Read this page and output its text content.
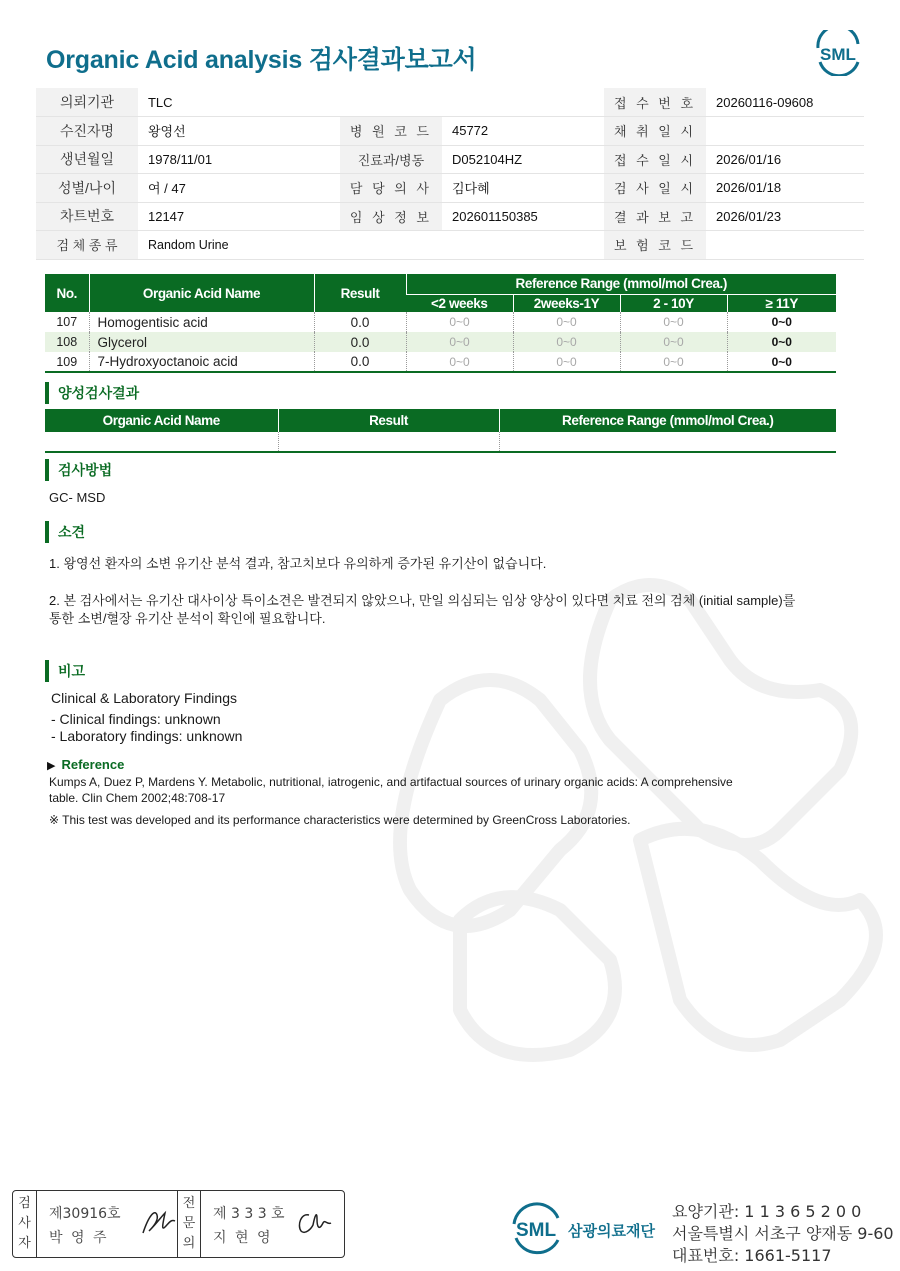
Organic Acid analysis 검사결과보고서	SML
의뢰기관	TLC			접 수 번 호	20260116-09608
수진자명	왕영선	병 원 코 드	45772	채 취 일 시	
생년월일	1978/11/01	진료과/병동	D052104HZ	접 수 일 시	2026/01/16
성별/나이	여 / 47	담 당 의 사	김다혜	검 사 일 시	2026/01/18
차트번호	12147	임 상 정 보	202601150385	결 과 보 고	2026/01/23
검 체 종 류	Random Urine			보 험 코 드	
No.	Organic Acid Name	Result	Reference Range (mmol/mol Crea.)			
			<2 weeks	2weeks-1Y	2 - 10Y	≥ 11Y
107	Homogentisic acid	0.0	0~0	0~0	0~0	0~0
108	Glycerol	0.0	0~0	0~0	0~0	0~0
109	7-Hydroxyoctanoic acid	0.0	0~0	0~0	0~0	0~0
양성검사결과
Organic Acid Name	Result	Reference Range (mmol/mol Crea.)

검사방법
GC- MSD
소견
1. 왕영선 환자의 소변 유기산 분석 결과, 참고치보다 유의하게 증가된 유기산이 없습니다.
2. 본 검사에서는 유기산 대사이상 특이소견은 발견되지 않았으나, 만일 의심되는 임상 양상이 있다면 치료 전의 검체 (initial sample)를
통한 소변/혈장 유기산 분석이 확인에 필요합니다.
비고
Clinical & Laboratory Findings
- Clinical findings: unknown
- Laboratory findings: unknown
▶ Reference
Kumps A, Duez P, Mardens Y. Metabolic, nutritional, iatrogenic, and artifactual sources of urinary organic acids: A comprehensive
table. Clin Chem 2002;48:708-17
※ This test was developed and its performance characteristics were determined by GreenCross Laboratories.
검
사
자
제30916호
박 영 주
전
문
의
제 3 3 3 호
지 현 영	SML 삼광의료재단
요양기관: 1 1 3 6 5 2 0 0
서울특별시 서초구 양재동 9-60
대표번호: 1661-5117
